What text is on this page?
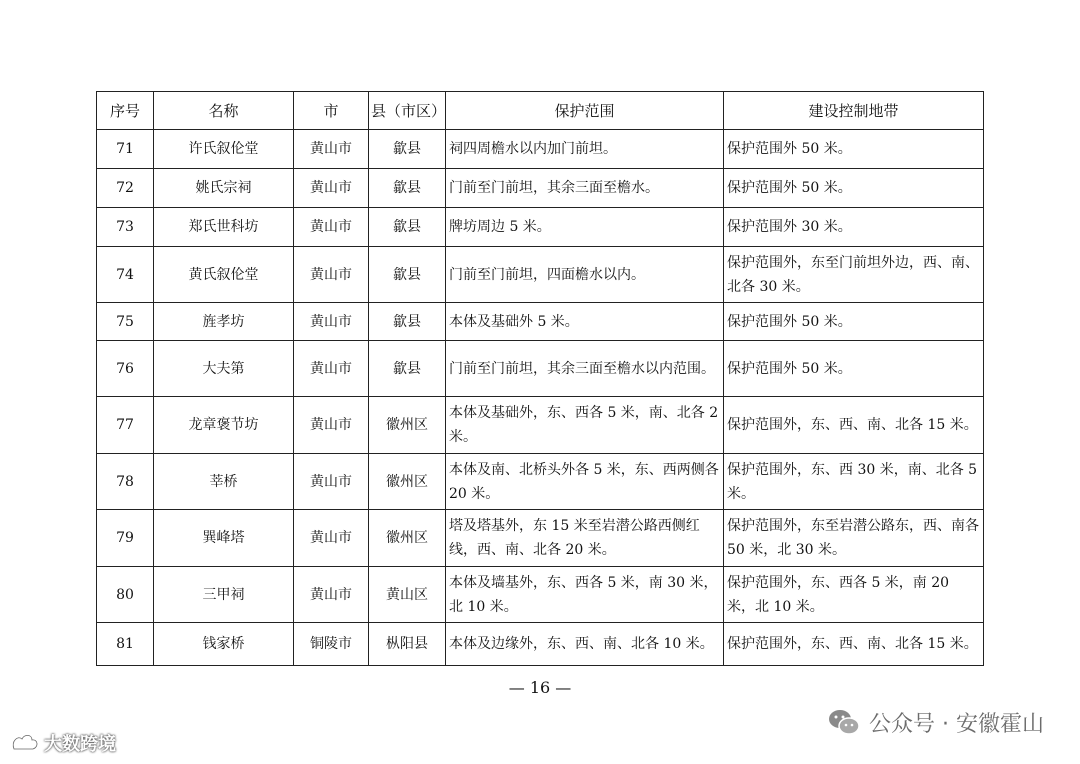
序号	名称	市	县（市区）	保护范围	建设控制地带
71	许氏叙伦堂	黄山市	歙县	祠四周檐水以内加门前坦。	保护范围外 50 米。
72	姚氏宗祠	黄山市	歙县	门前至门前坦，其余三面至檐水。	保护范围外 50 米。
73	郑氏世科坊	黄山市	歙县	牌坊周边 5 米。	保护范围外 30 米。
74	黄氏叙伦堂	黄山市	歙县	门前至门前坦，四面檐水以内。	保护范围外，东至门前坦外边，西、南、北各 30 米。
75	旌孝坊	黄山市	歙县	本体及基础外 5 米。	保护范围外 50 米。
76	大夫第	黄山市	歙县	门前至门前坦，其余三面至檐水以内范围。	保护范围外 50 米。
77	龙章褒节坊	黄山市	徽州区	本体及基础外，东、西各 5 米，南、北各 2 米。	保护范围外，东、西、南、北各 15 米。
78	莘桥	黄山市	徽州区	本体及南、北桥头外各 5 米，东、西两侧各 20 米。	保护范围外，东、西 30 米，南、北各 5 米。
79	巽峰塔	黄山市	徽州区	塔及塔基外，东 15 米至岩潜公路西侧红线，西、南、北各 20 米。	保护范围外，东至岩潜公路东，西、南各 50 米，北 30 米。
80	三甲祠	黄山市	黄山区	本体及墙基外，东、西各 5 米，南 30 米，北 10 米。	保护范围外，东、西各 5 米，南 20 米，北 10 米。
81	钱家桥	铜陵市	枞阳县	本体及边缘外，东、西、南、北各 10 米。	保护范围外，东、西、南、北各 15 米。
— 16 —
公众号 · 安徽霍山
大数跨境
